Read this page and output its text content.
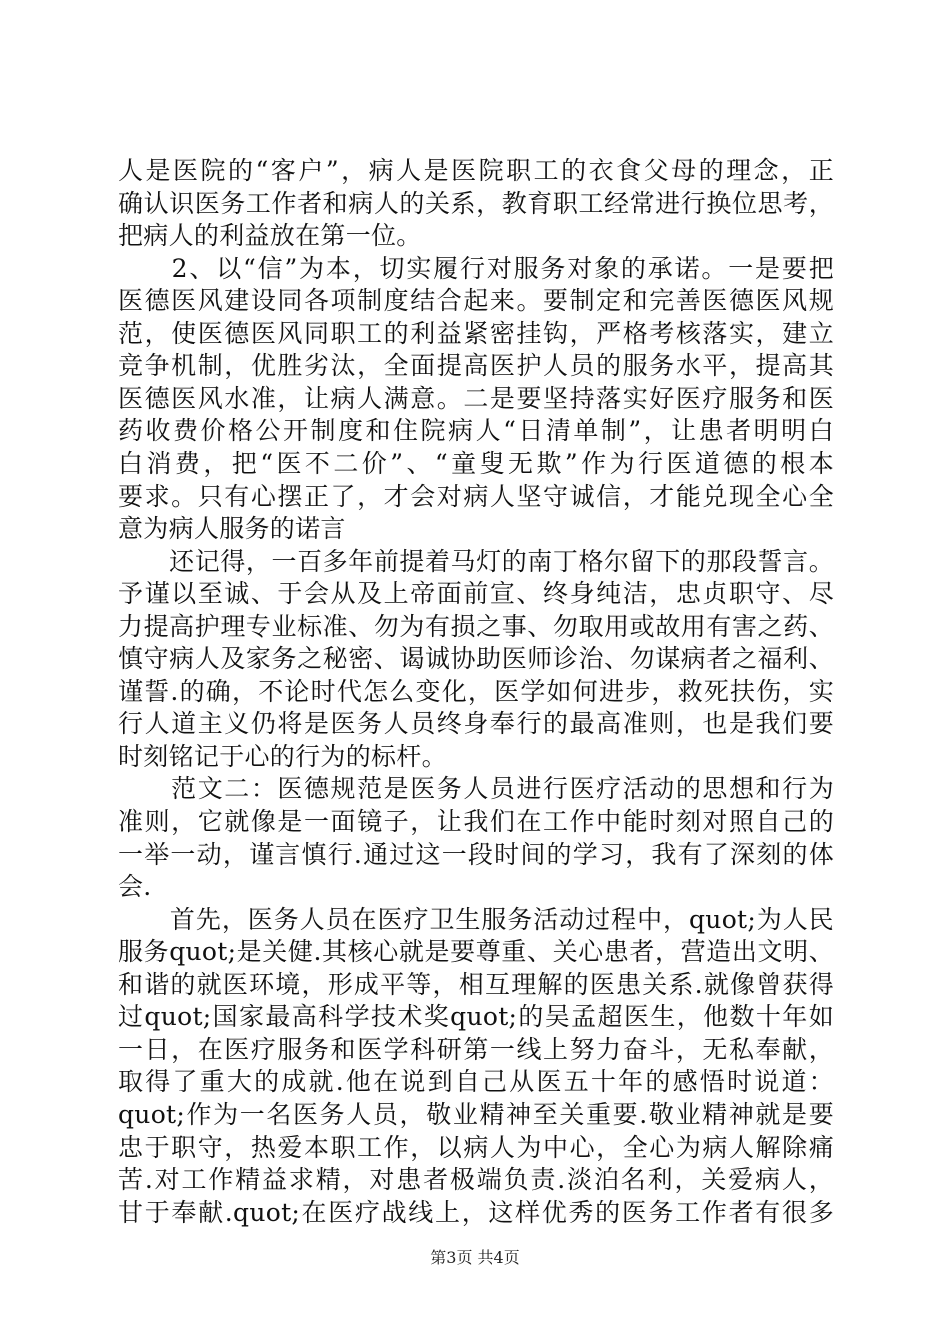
人是医院的“客户”，病人是医院职工的衣食父母的理念，正
确认识医务工作者和病人的关系，教育职工经常进行换位思考，
把病人的利益放在第一位。
　　2、以“信”为本，切实履行对服务对象的承诺。一是要把
医德医风建设同各项制度结合起来。要制定和完善医德医风规
范，使医德医风同职工的利益紧密挂钩，严格考核落实，建立
竞争机制，优胜劣汰，全面提高医护人员的服务水平，提高其
医德医风水准，让病人满意。二是要坚持落实好医疗服务和医
药收费价格公开制度和住院病人“日清单制”，让患者明明白
白消费，把“医不二价”、“童叟无欺”作为行医道德的根本
要求。只有心摆正了，才会对病人坚守诚信，才能兑现全心全
意为病人服务的诺言
　　还记得，一百多年前提着马灯的南丁格尔留下的那段誓言。
予谨以至诚、于会从及上帝面前宣、终身纯洁，忠贞职守、尽
力提高护理专业标准、勿为有损之事、勿取用或故用有害之药、
慎守病人及家务之秘密、谒诚协助医师诊治、勿谋病者之福利、
谨誓.的确，不论时代怎么变化，医学如何进步，救死扶伤，实
行人道主义仍将是医务人员终身奉行的最高准则，也是我们要
时刻铭记于心的行为的标杆。
　　范文二：医德规范是医务人员进行医疗活动的思想和行为
准则，它就像是一面镜子，让我们在工作中能时刻对照自己的
一举一动，谨言慎行.通过这一段时间的学习，我有了深刻的体
会.
　　首先，医务人员在医疗卫生服务活动过程中，quot;为人民
服务quot;是关健.其核心就是要尊重、关心患者，营造出文明、
和谐的就医环境，形成平等，相互理解的医患关系.就像曾获得
过quot;国家最高科学技术奖quot;的吴孟超医生，他数十年如
一日，在医疗服务和医学科研第一线上努力奋斗，无私奉献，
取得了重大的成就.他在说到自己从医五十年的感悟时说道：
quot;作为一名医务人员，敬业精神至关重要.敬业精神就是要
忠于职守，热爱本职工作，以病人为中心，全心为病人解除痛
苦.对工作精益求精，对患者极端负责.淡泊名利，关爱病人，
甘于奉献.quot;在医疗战线上，这样优秀的医务工作者有很多
第3页 共4页
